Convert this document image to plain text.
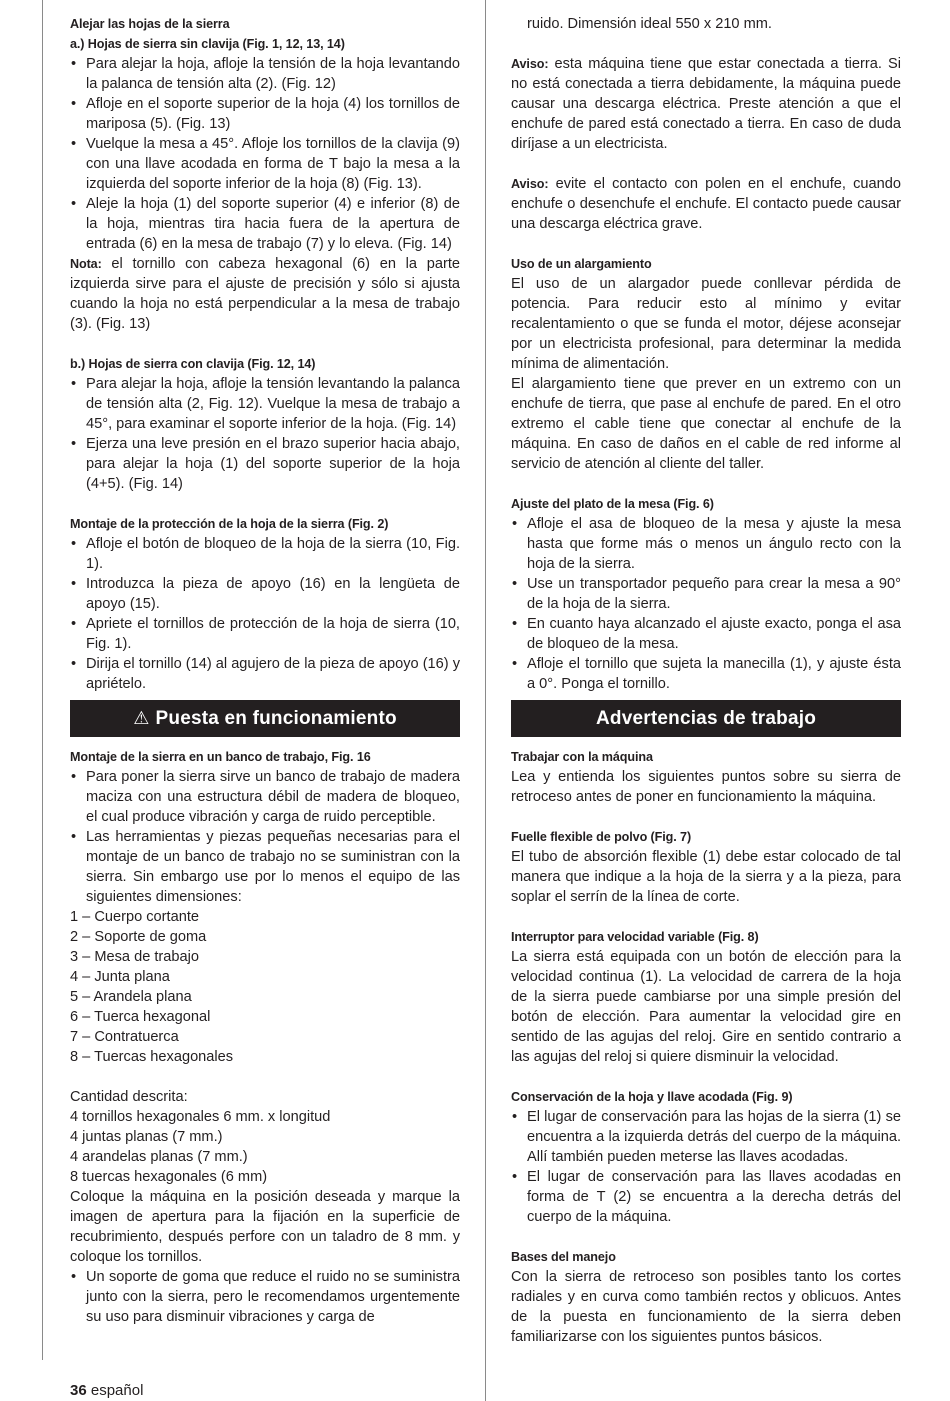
Alejar las hojas de la sierra

a.) Hojas de sierra sin clavija (Fig. 1, 12, 13, 14)

• Para alejar la hoja, afloje la tensión de la hoja levantando la palanca de tensión alta (2). (Fig. 12)

• Afloje en el soporte superior de la hoja (4) los tornillos de mariposa (5). (Fig. 13)

• Vuelque la mesa a 45°. Afloje los tornillos de la clavija (9) con una llave acodada en forma de T bajo la mesa a la izquierda del soporte inferior de la hoja (8) (Fig. 13).

• Aleje la hoja (1) del soporte superior (4) e inferior (8) de la hoja, mientras tira hacia fuera de la apertura de entrada (6) en la mesa de trabajo (7) y lo eleva. (Fig. 14)

Nota: el tornillo con cabeza hexagonal (6) en la parte izquierda sirve para el ajuste de precisión y sólo si ajusta cuando la hoja no está perpendicular a la mesa de trabajo (3). (Fig. 13)

b.) Hojas de sierra con clavija (Fig. 12, 14)

• Para alejar la hoja, afloje la tensión levantando la palanca de tensión alta (2, Fig. 12). Vuelque la mesa de trabajo a 45°, para examinar el soporte inferior de la hoja. (Fig. 14)

• Ejerza una leve presión en el brazo superior hacia abajo, para alejar la hoja (1) del soporte superior de la hoja (4+5). (Fig. 14)

Montaje de la protección de la hoja de la sierra (Fig. 2)

• Afloje el botón de bloqueo de la hoja de la sierra (10, Fig. 1).

• Introduzca la pieza de apoyo (16) en la lengüeta de apoyo (15).

• Apriete el tornillos de protección de la hoja de sierra (10, Fig. 1).

• Dirija el tornillo (14) al agujero de la pieza de apoyo (16) y apriételo.

⚠ Puesta en funcionamiento

Montaje de la sierra en un banco de trabajo, Fig. 16

• Para poner la sierra sirve un banco de trabajo de madera maciza con una estructura débil de madera de bloqueo, el cual produce vibración y carga de ruido perceptible.

• Las herramientas y piezas pequeñas necesarias para el montaje de un banco de trabajo no se suministran con la sierra. Sin embargo use por lo menos el equipo de las siguientes dimensiones:

1 – Cuerpo cortante

2 – Soporte de goma

3 – Mesa de trabajo

4 – Junta plana

5 – Arandela plana

6 – Tuerca hexagonal

7 – Contratuerca

8 – Tuercas hexagonales

Cantidad descrita:

4 tornillos hexagonales 6 mm. x longitud

4 juntas planas (7 mm.)

4 arandelas planas (7 mm.)

8 tuercas hexagonales (6 mm)

Coloque la máquina en la posición deseada y marque la imagen de apertura para la fijación en la superficie de recubrimiento, después perfore con un taladro de 8 mm. y coloque los tornillos.

• Un soporte de goma que reduce el ruido no se suministra junto con la sierra, pero le recomendamos urgentemente su uso para disminuir vibraciones y carga de

ruido. Dimensión ideal 550 x 210 mm.

Aviso: esta máquina tiene que estar conectada a tierra. Si no está conectada a tierra debidamente, la máquina puede causar una descarga eléctrica. Preste atención a que el enchufe de pared está conectado a tierra. En caso de duda diríjase a un electricista.

Aviso: evite el contacto con polen en el enchufe, cuando enchufe o desenchufe el enchufe. El contacto puede causar una descarga eléctrica grave.

Uso de un alargamiento

El uso de un alargador puede conllevar pérdida de potencia. Para reducir esto al mínimo y evitar recalentamiento o que se funda el motor, déjese aconsejar por un electricista profesional, para determinar la medida mínima de alimentación.

El alargamiento tiene que prever en un extremo con un enchufe de tierra, que pase al enchufe de pared. En el otro extremo el cable tiene que conectar al enchufe de la máquina. En caso de daños en el cable de red informe al servicio de atención al cliente del taller.

Ajuste del plato de la mesa (Fig. 6)

• Afloje el asa de bloqueo de la mesa y ajuste la mesa hasta que forme más o menos un ángulo recto con la hoja de la sierra.

• Use un transportador pequeño para crear la mesa a 90° de la hoja de la sierra.

• En cuanto haya alcanzado el ajuste exacto, ponga el asa de bloqueo de la mesa.

• Afloje el tornillo que sujeta la manecilla (1), y ajuste ésta a 0°. Ponga el tornillo.

Advertencias de trabajo

Trabajar con la máquina

Lea y entienda los siguientes puntos sobre su sierra de retroceso antes de poner en funcionamiento la máquina.

Fuelle flexible de polvo (Fig. 7)

El tubo de absorción flexible (1) debe estar colocado de tal manera que indique a la hoja de la sierra y a la pieza, para soplar el serrín de la línea de corte.

Interruptor para velocidad variable (Fig. 8)

La sierra está equipada con un botón de elección para la velocidad continua (1). La velocidad de carrera de la hoja de la sierra puede cambiarse por una simple presión del botón de elección. Para aumentar la velocidad gire en sentido de las agujas del reloj. Gire en sentido contrario a las agujas del reloj si quiere disminuir la velocidad.

Conservación de la hoja y llave acodada (Fig. 9)

• El lugar de conservación para las hojas de la sierra (1) se encuentra a la izquierda detrás del cuerpo de la máquina. Allí también pueden meterse las llaves acodadas.

• El lugar de conservación para las llaves acodadas en forma de T (2) se encuentra a la derecha detrás del cuerpo de la máquina.

Bases del manejo

Con la sierra de retroceso son posibles tanto los cortes radiales y en curva como también rectos y oblicuos. Antes de la puesta en funcionamiento de la sierra deben familiarizarse con los siguientes puntos básicos.

36 español
